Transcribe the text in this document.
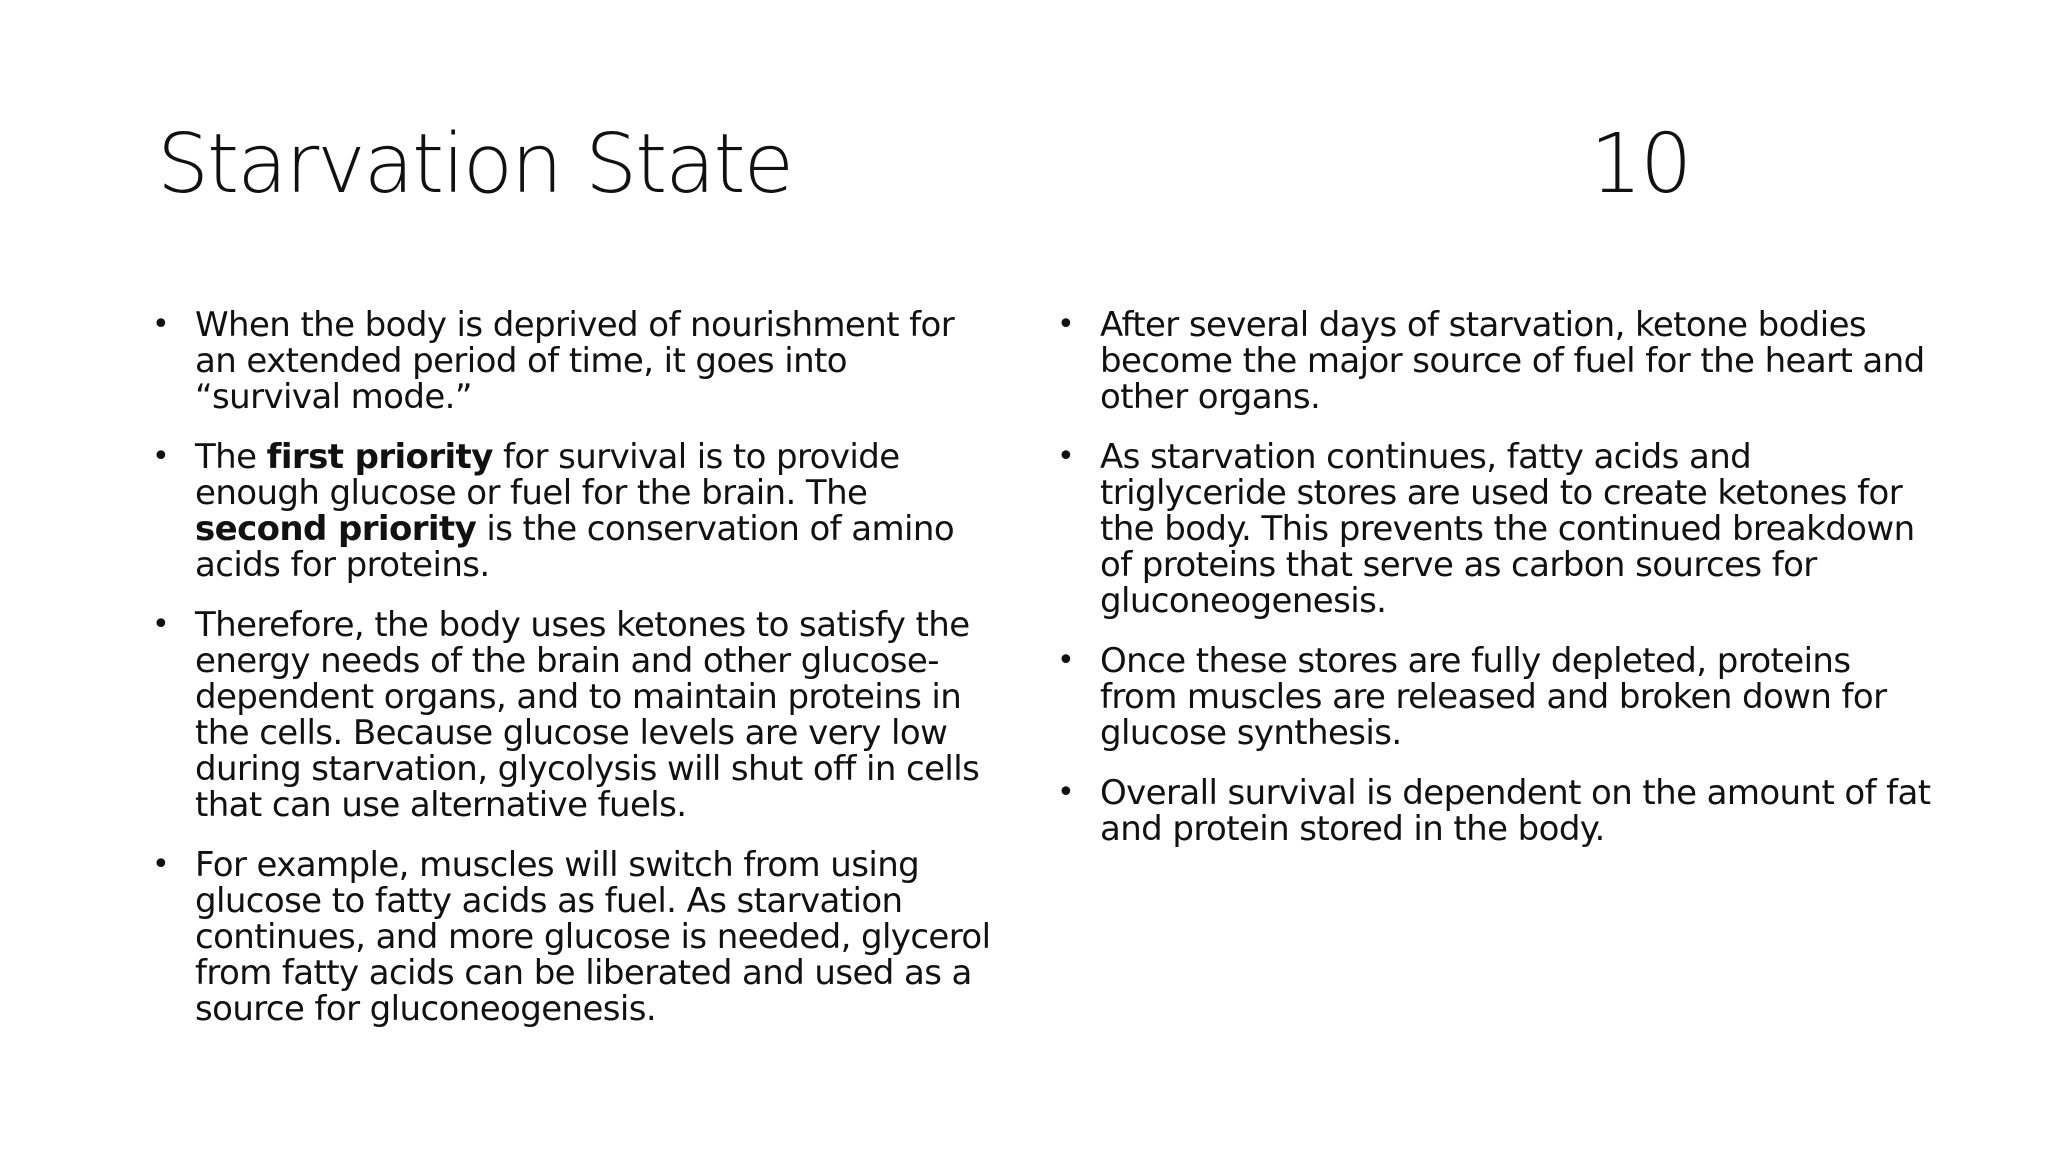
Starvation State	10
• When the body is deprived of nourishment for an extended period of time, it goes into “survival mode.”
• The first priority for survival is to provide enough glucose or fuel for the brain. The second priority is the conservation of amino acids for proteins.
• Therefore, the body uses ketones to satisfy the energy needs of the brain and other glucose-dependent organs, and to maintain proteins in the cells. Because glucose levels are very low during starvation, glycolysis will shut off in cells that can use alternative fuels.
• For example, muscles will switch from using glucose to fatty acids as fuel. As starvation continues, and more glucose is needed, glycerol from fatty acids can be liberated and used as a source for gluconeogenesis.
• After several days of starvation, ketone bodies become the major source of fuel for the heart and other organs.
• As starvation continues, fatty acids and triglyceride stores are used to create ketones for the body. This prevents the continued breakdown of proteins that serve as carbon sources for gluconeogenesis.
• Once these stores are fully depleted, proteins from muscles are released and broken down for glucose synthesis.
• Overall survival is dependent on the amount of fat and protein stored in the body.
